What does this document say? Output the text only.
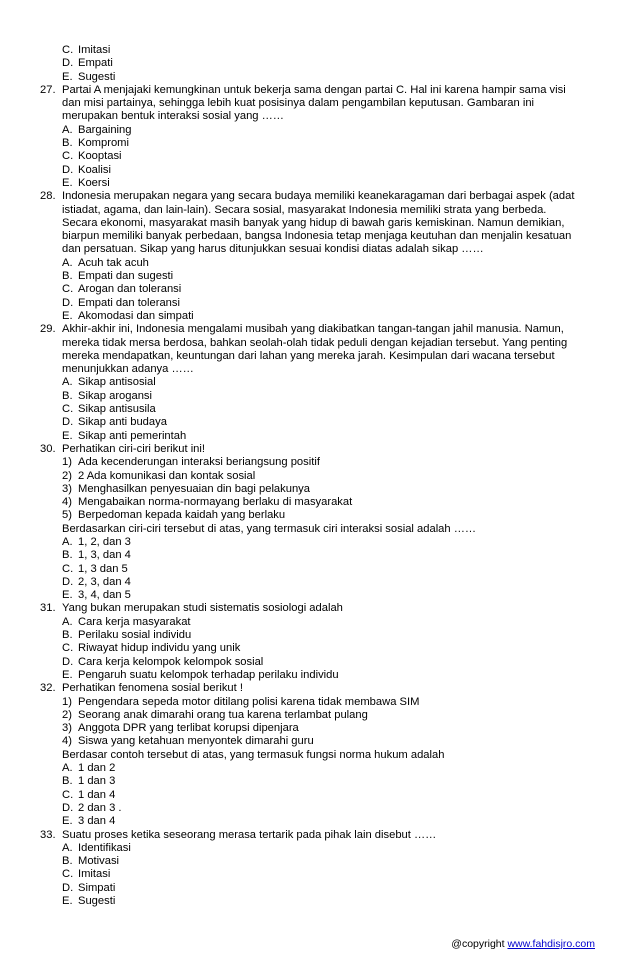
C. Imitasi
D. Empati
E. Sugesti
27. Partai A menjajaki kemungkinan untuk bekerja sama dengan partai C. Hal ini karena hampir sama visi
dan misi partainya, sehingga lebih kuat posisinya dalam pengambilan keputusan. Gambaran ini
merupakan bentuk interaksi sosial yang ……
A. Bargaining
B. Kompromi
C. Kooptasi
D. Koalisi
E. Koersi
28. Indonesia merupakan negara yang secara budaya memiliki keanekaragaman dari berbagai aspek (adat
istiadat, agama, dan lain-lain). Secara sosial, masyarakat Indonesia memiliki strata yang berbeda.
Secara ekonomi, masyarakat masih banyak yang hidup di bawah garis kemiskinan. Namun demikian,
biarpun memiliki banyak perbedaan, bangsa Indonesia tetap menjaga keutuhan dan menjalin kesatuan
dan persatuan. Sikap yang harus ditunjukkan sesuai kondisi diatas adalah sikap ……
A. Acuh tak acuh
B. Empati dan sugesti
C. Arogan dan toleransi
D. Empati dan toleransi
E. Akomodasi dan simpati
29. Akhir-akhir ini, Indonesia mengalami musibah yang diakibatkan tangan-tangan jahil manusia. Namun,
mereka tidak mersa berdosa, bahkan seolah-olah tidak peduli dengan kejadian tersebut. Yang penting
mereka mendapatkan, keuntungan dari lahan yang mereka jarah. Kesimpulan dari wacana tersebut
menunjukkan adanya ……
A. Sikap antisosial
B. Sikap arogansi
C. Sikap antisusila
D. Sikap anti budaya
E. Sikap anti pemerintah
30. Perhatikan ciri-ciri berikut ini!
1) Ada kecenderungan interaksi beriangsung positif
2) 2 Ada komunikasi dan kontak sosial
3) Menghasilkan penyesuaian din bagi pelakunya
4) Mengabaikan norma-normayang berlaku di masyarakat
5) Berpedoman kepada kaidah yang berlaku
Berdasarkan ciri-ciri tersebut di atas, yang termasuk ciri interaksi sosial adalah ……
A. 1, 2, dan 3
B. 1, 3, dan 4
C. 1, 3 dan 5
D. 2, 3, dan 4
E. 3, 4, dan 5
31. Yang bukan merupakan studi sistematis sosiologi adalah
A. Cara kerja masyarakat
B. Perilaku sosial individu
C. Riwayat hidup individu yang unik
D. Cara kerja kelompok kelompok sosial
E. Pengaruh suatu kelompok terhadap perilaku individu
32. Perhatikan fenomena sosial berikut !
1) Pengendara sepeda motor ditilang polisi karena tidak membawa SIM
2) Seorang anak dimarahi orang tua karena terlambat pulang
3) Anggota DPR yang terlibat korupsi dipenjara
4) Siswa yang ketahuan menyontek dimarahi guru
Berdasar contoh tersebut di atas, yang termasuk fungsi norma hukum adalah
A. 1 dan 2
B. 1 dan 3
C. 1 dan 4
D. 2 dan 3 .
E. 3 dan 4
33. Suatu proses ketika seseorang merasa tertarik pada pihak lain disebut ……
A. Identifikasi
B. Motivasi
C. Imitasi
D. Simpati
E. Sugesti
@copyright www.fahdisjro.com
